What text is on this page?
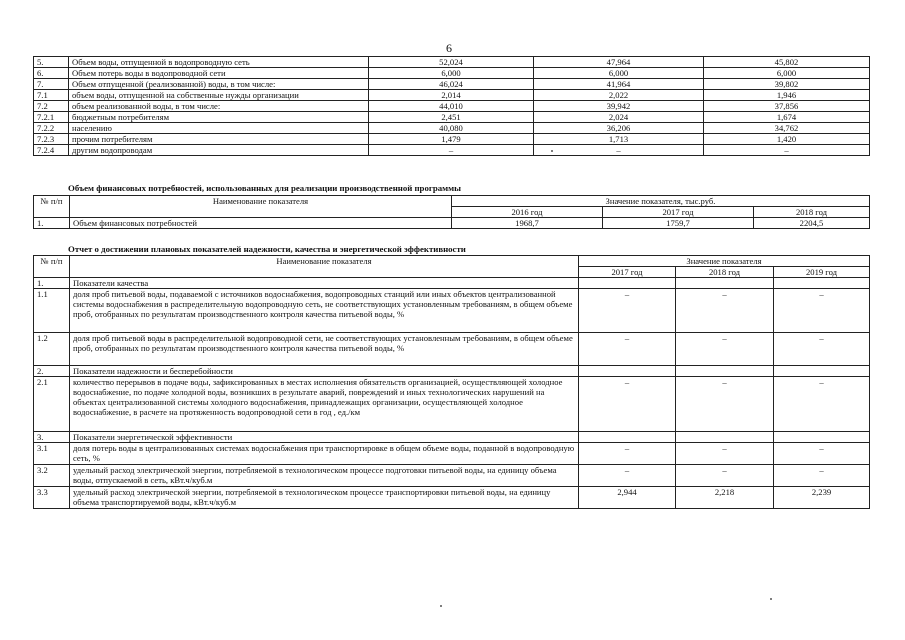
6
5.	Объем воды, отпущенной в водопроводную сеть	52,024	47,964	45,802
6.	Объем потерь воды в водопроводной сети	6,000	6,000	6,000
7.	Объем отпущенной (реализованной) воды, в том числе:	46,024	41,964	39,802
7.1	объем воды, отпущенной на собственные нужды организации	2,014	2,022	1,946
7.2	объем реализованной воды, в том числе:	44,010	39,942	37,856
7.2.1	бюджетным потребителям	2,451	2,024	1,674
7.2.2	населению	40,080	36,206	34,762
7.2.3	прочим потребителям	1,479	1,713	1,420
7.2.4	другим водопроводам	–	–	–
Объем финансовых потребностей, использованных для реализации производственной программы
№ п/п	Наименование показателя	Значение показателя, тыс.руб.		
		2016 год	2017 год	2018 год
1.	Объем финансовых потребностей	1968,7	1759,7	2204,5
Отчет о достижении плановых показателей надежности, качества и энергетической эффективности
№ п/п	Наименование показателя	Значение показателя		
		2017 год	2018 год	2019 год
1.	Показатели качества			
1.1	доля проб питьевой воды, подаваемой с источников водоснабжения, водопроводных станций или иных объектов централизованной системы водоснабжения в распределительную водопроводную сеть, не соответствующих установленным требованиям, в общем объеме проб, отобранных по результатам производственного контроля качества питьевой воды, %	–	–	–
1.2	доля проб питьевой воды в распределительной водопроводной сети, не соответствующих установленным требованиям, в общем объеме проб, отобранных по результатам производственного контроля качества питьевой воды, %	–	–	–
2.	Показатели надежности и бесперебойности			
2.1	количество перерывов в подаче воды, зафиксированных в местах исполнения обязательств организацией, осуществляющей холодное водоснабжение, по подаче холодной воды, возникших в результате аварий, повреждений и иных технологических нарушений на объектах централизованной системы холодного водоснабжения, принадлежащих организации, осуществляющей холодное водоснабжение, в расчете на протяженность водопроводной сети в год , ед./км	–	–	–
3.	Показатели энергетической эффективности			
3.1	доля потерь воды в централизованных системах водоснабжения при транспортировке в общем объеме воды, поданной в водопроводную сеть, %	–	–	–
3.2	удельный расход электрической энергии, потребляемой в технологическом процессе подготовки питьевой воды, на единицу объема воды, отпускаемой в сеть, кВт.ч/куб.м	–	–	–
3.3	удельный расход электрической энергии, потребляемой в технологическом процессе транспортировки питьевой воды, на единицу объема транспортируемой воды, кВт.ч/куб.м	2,944	2,218	2,239
